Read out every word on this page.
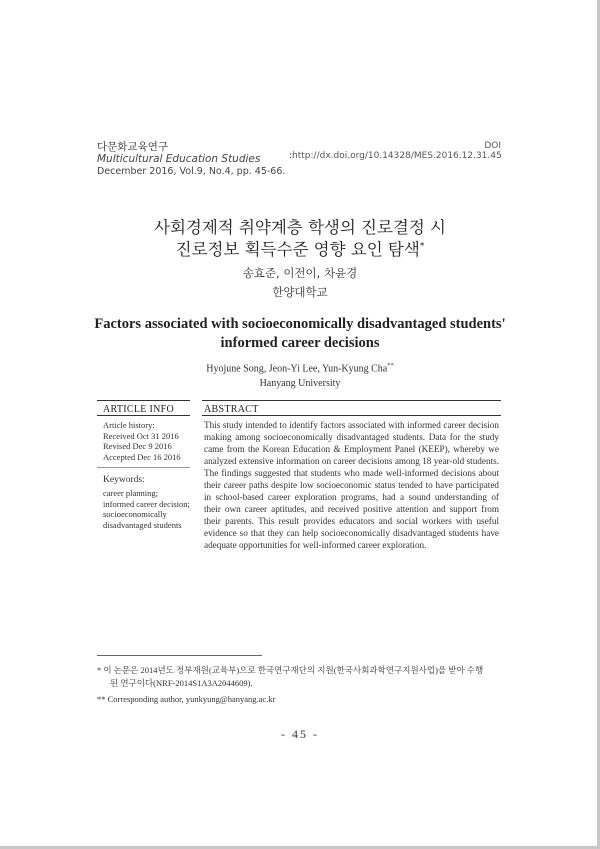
다문화교육연구
Multicultural Education Studies
December 2016, Vol.9, No.4, pp. 45-66.
DOI :http://dx.doi.org/10.14328/MES.2016.12.31.45
사회경제적 취약계층 학생의 진로결정 시
진로정보 획득수준 영향 요인 탐색*
송효준, 이전이, 차윤경
한양대학교
Factors associated with socioeconomically disadvantaged students'
informed career decisions
Hyojune Song, Jeon-Yi Lee, Yun-Kyung Cha**
Hanyang University
ARTICLE INFO	ABSTRACT
Article history:
Received Oct 31 2016
Revised Dec 9 2016
Accepted Dec 16 2016
Keywords:
career planning;
informed career decision;
socioeconomically
disadvantaged students
This study intended to identify factors associated with informed career decision making among socioeconomically disadvantaged students. Data for the study came from the Korean Education & Employment Panel (KEEP), whereby we analyzed extensive information on career decisions among 18 year-old students. The findings suggested that students who made well-informed decisions about their career paths despite low socioeconomic status tended to have participated in school-based career exploration programs, had a sound understanding of their own career aptitudes, and received positive attention and support from their parents. This result provides educators and social workers with useful evidence so that they can help socioeconomically disadvantaged students have adequate opportunities for well-informed career exploration.
* 이 논문은 2014년도 정부재원(교육부)으로 한국연구재단의 지원(한국사회과학연구지원사업)을 받아 수행
된 연구이다(NRF-2014S1A3A2044609).
** Corresponding author, yunkyung@hanyang.ac.kr
- 45 -
